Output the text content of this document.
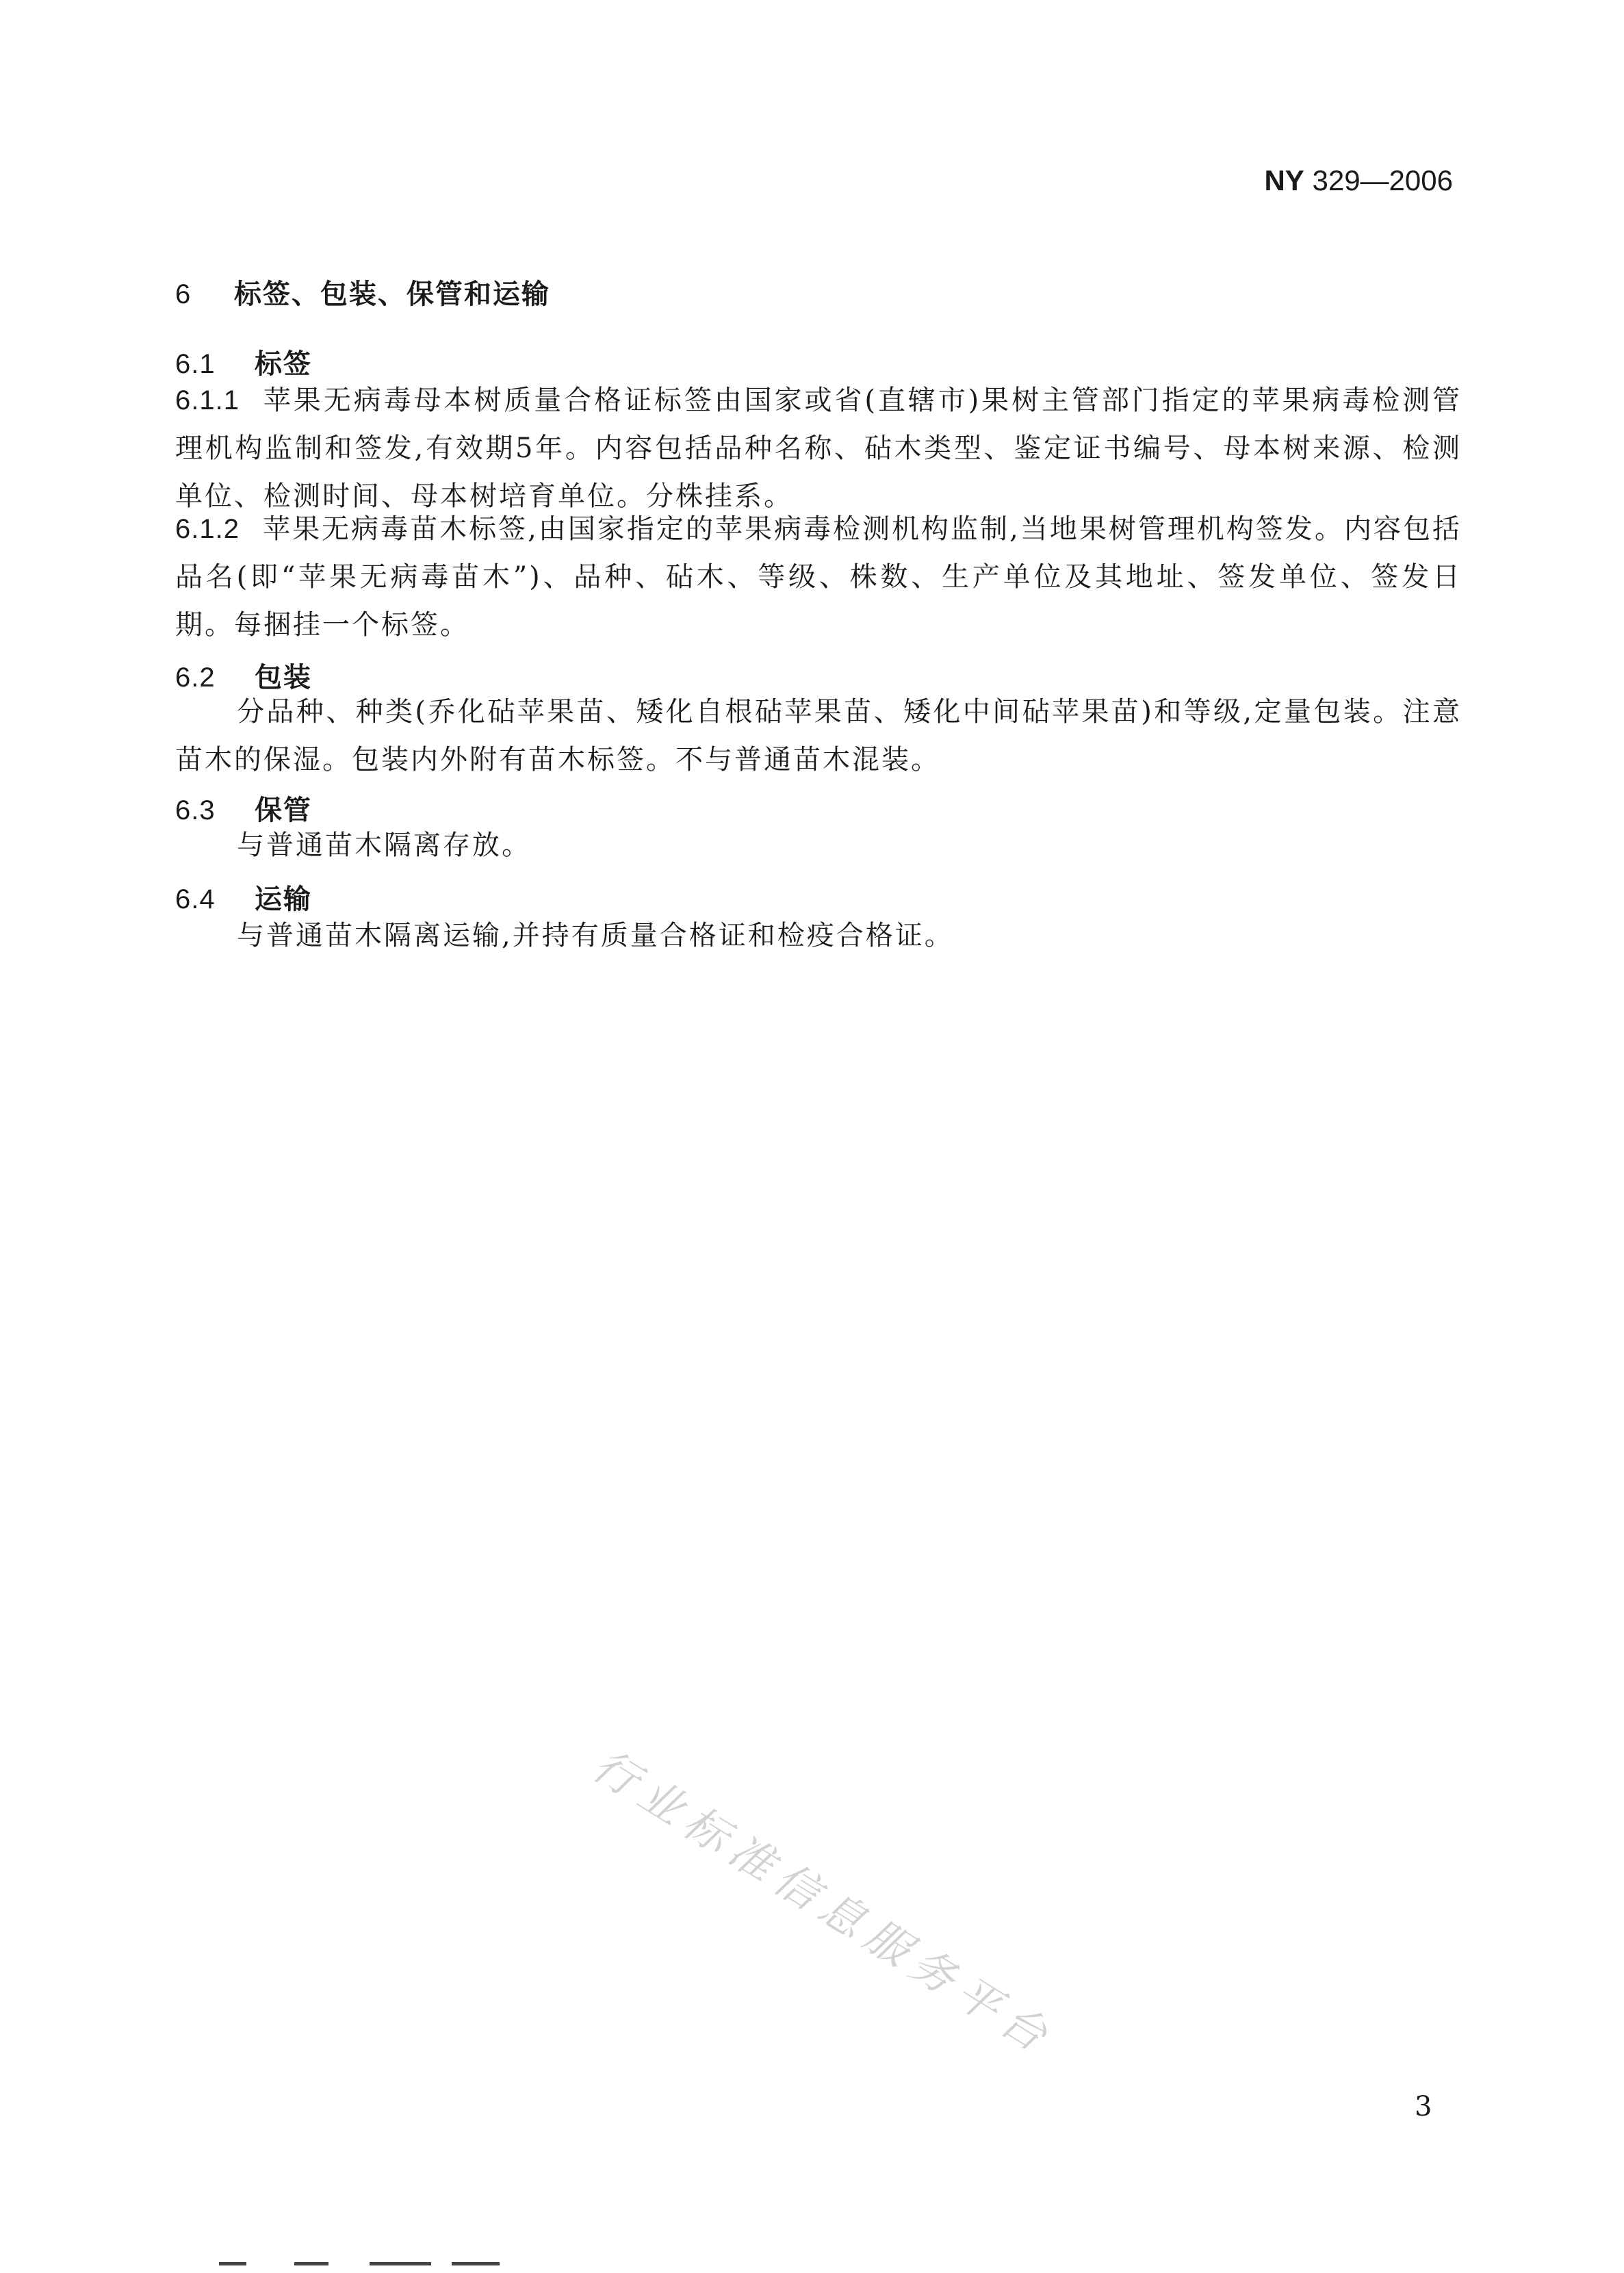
NY 329—2006
6 标签、包装、保管和运输
6.1 标签
6.1.1 苹果无病毒母本树质量合格证标签由国家或省(直辖市)果树主管部门指定的苹果病毒检测管理机构监制和签发,有效期5年。内容包括品种名称、砧木类型、鉴定证书编号、母本树来源、检测单位、检测时间、母本树培育单位。分株挂系。
6.1.2 苹果无病毒苗木标签,由国家指定的苹果病毒检测机构监制,当地果树管理机构签发。内容包括品名(即“苹果无病毒苗木”)、品种、砧木、等级、株数、生产单位及其地址、签发单位、签发日期。每捆挂一个标签。
6.2 包装
分品种、种类(乔化砧苹果苗、矮化自根砧苹果苗、矮化中间砧苹果苗)和等级,定量包装。注意苗木的保湿。包装内外附有苗木标签。不与普通苗木混装。
6.3 保管
与普通苗木隔离存放。
6.4 运输
与普通苗木隔离运输,并持有质量合格证和检疫合格证。
行业标准信息服务平台
3
